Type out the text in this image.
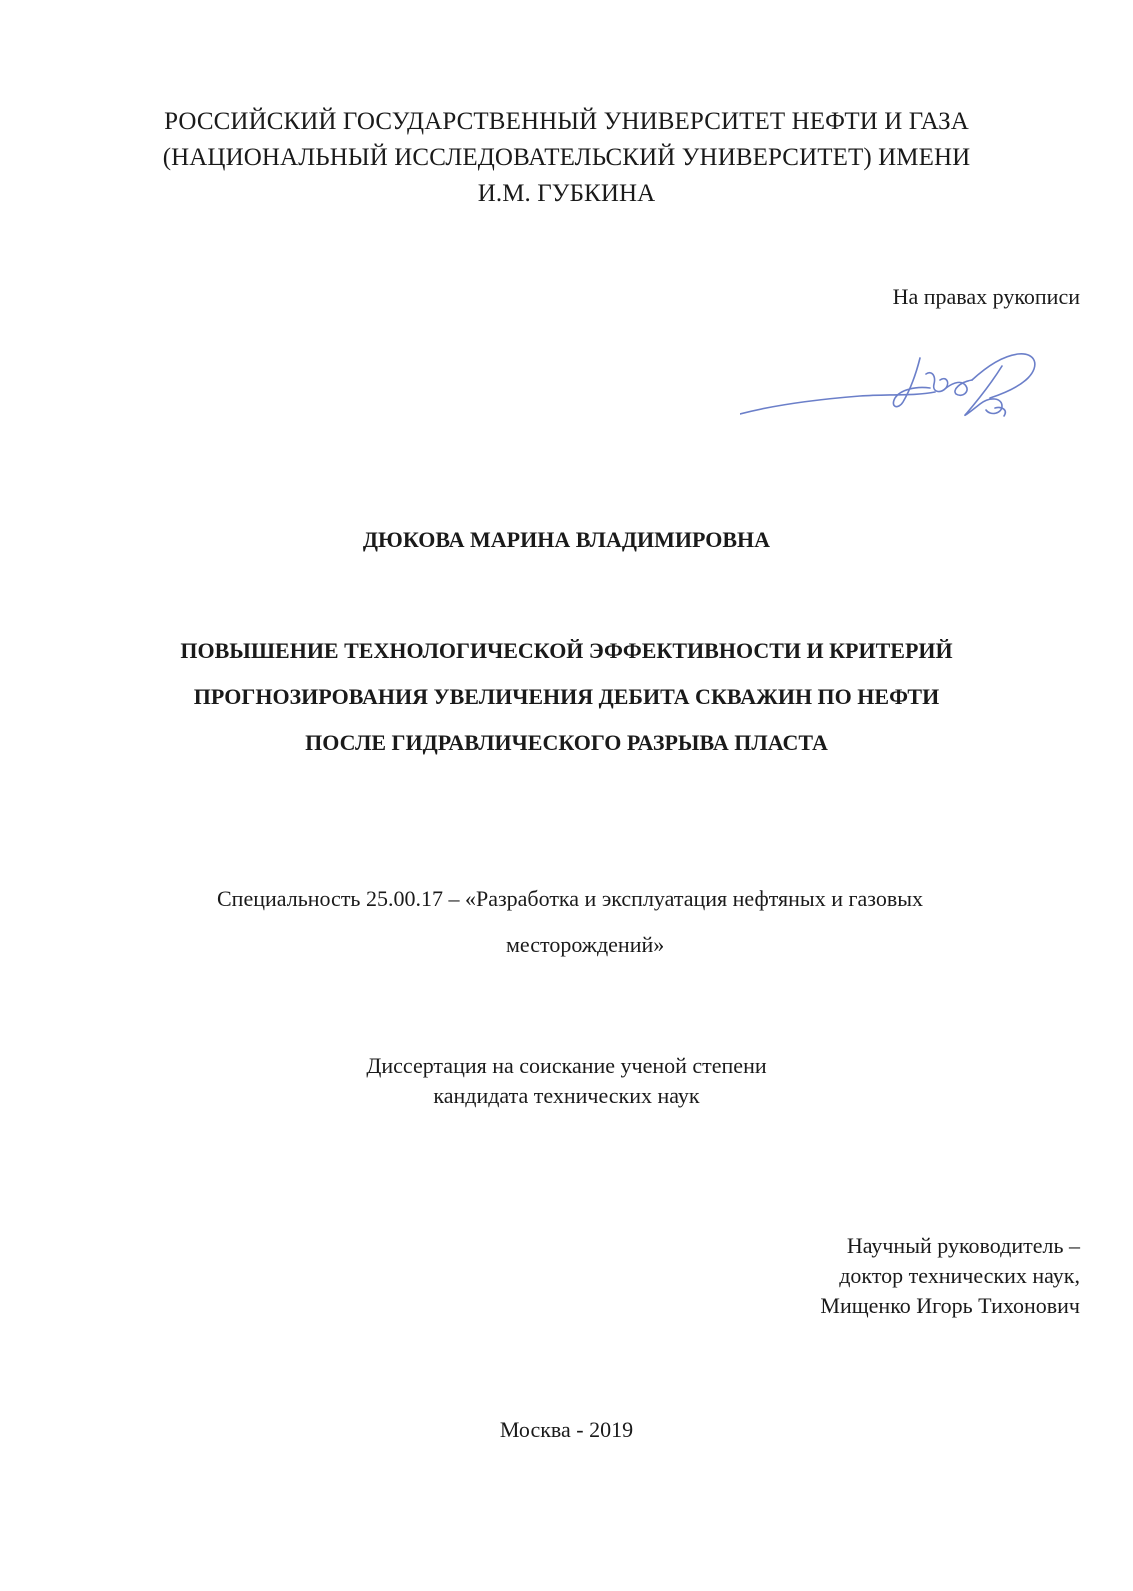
РОССИЙСКИЙ ГОСУДАРСТВЕННЫЙ УНИВЕРСИТЕТ НЕФТИ И ГАЗА
(НАЦИОНАЛЬНЫЙ ИССЛЕДОВАТЕЛЬСКИЙ УНИВЕРСИТЕТ) ИМЕНИ
И.М. ГУБКИНА
На правах рукописи
ДЮКОВА МАРИНА ВЛАДИМИРОВНА
ПОВЫШЕНИЕ ТЕХНОЛОГИЧЕСКОЙ ЭФФЕКТИВНОСТИ И КРИТЕРИЙ
ПРОГНОЗИРОВАНИЯ УВЕЛИЧЕНИЯ ДЕБИТА СКВАЖИН ПО НЕФТИ
ПОСЛЕ ГИДРАВЛИЧЕСКОГО РАЗРЫВА ПЛАСТА
Специальность 25.00.17 – «Разработка и эксплуатация нефтяных и газовых
месторождений»
Диссертация на соискание ученой степени
кандидата технических наук
Научный руководитель –
доктор технических наук,
Мищенко Игорь Тихонович
Москва - 2019
